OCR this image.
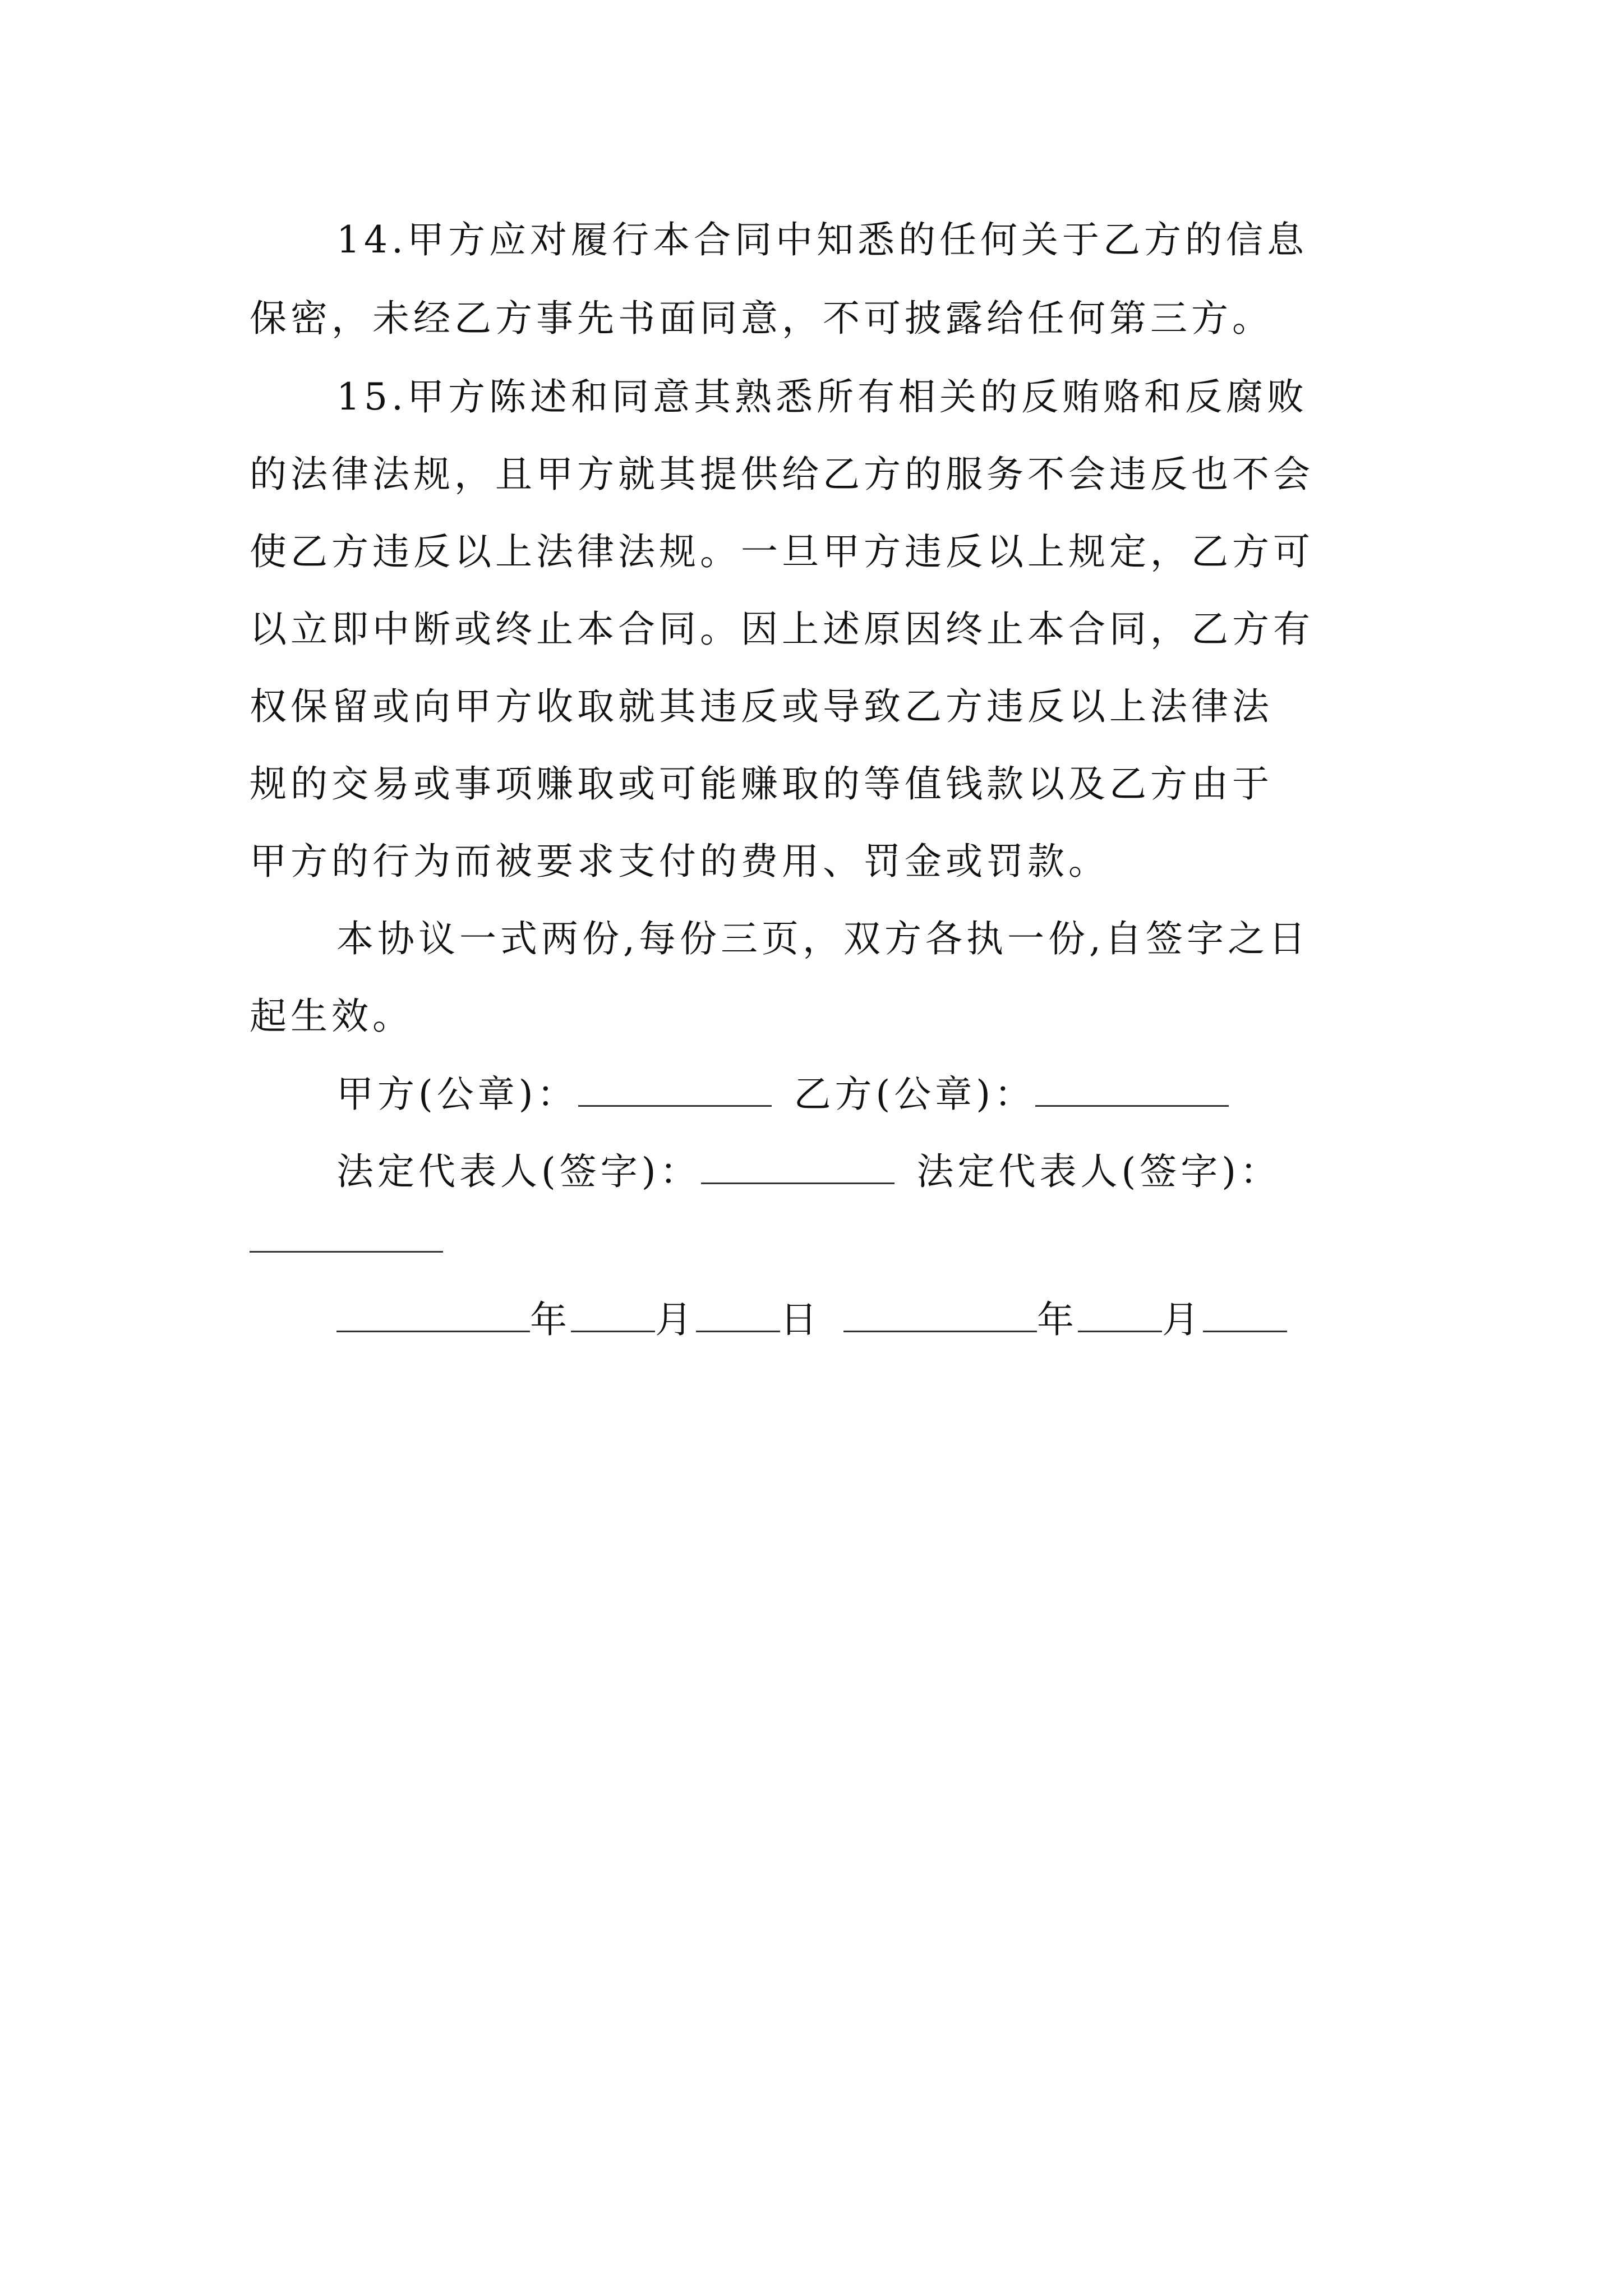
14.甲方应对履行本合同中知悉的任何关于乙方的信息
保密，未经乙方事先书面同意，不可披露给任何第三方。
15.甲方陈述和同意其熟悉所有相关的反贿赂和反腐败
的法律法规，且甲方就其提供给乙方的服务不会违反也不会
使乙方违反以上法律法规。一旦甲方违反以上规定，乙方可
以立即中断或终止本合同。因上述原因终止本合同，乙方有
权保留或向甲方收取就其违反或导致乙方违反以上法律法
规的交易或事项赚取或可能赚取的等值钱款以及乙方由于
甲方的行为而被要求支付的费用、罚金或罚款。
本协议一式两份,每份三页，双方各执一份,自签字之日
起生效。
甲方(公章)：	乙方(公章)：
法定代表人(签字)：	法定代表人(签字)：
年 月 日	年 月
